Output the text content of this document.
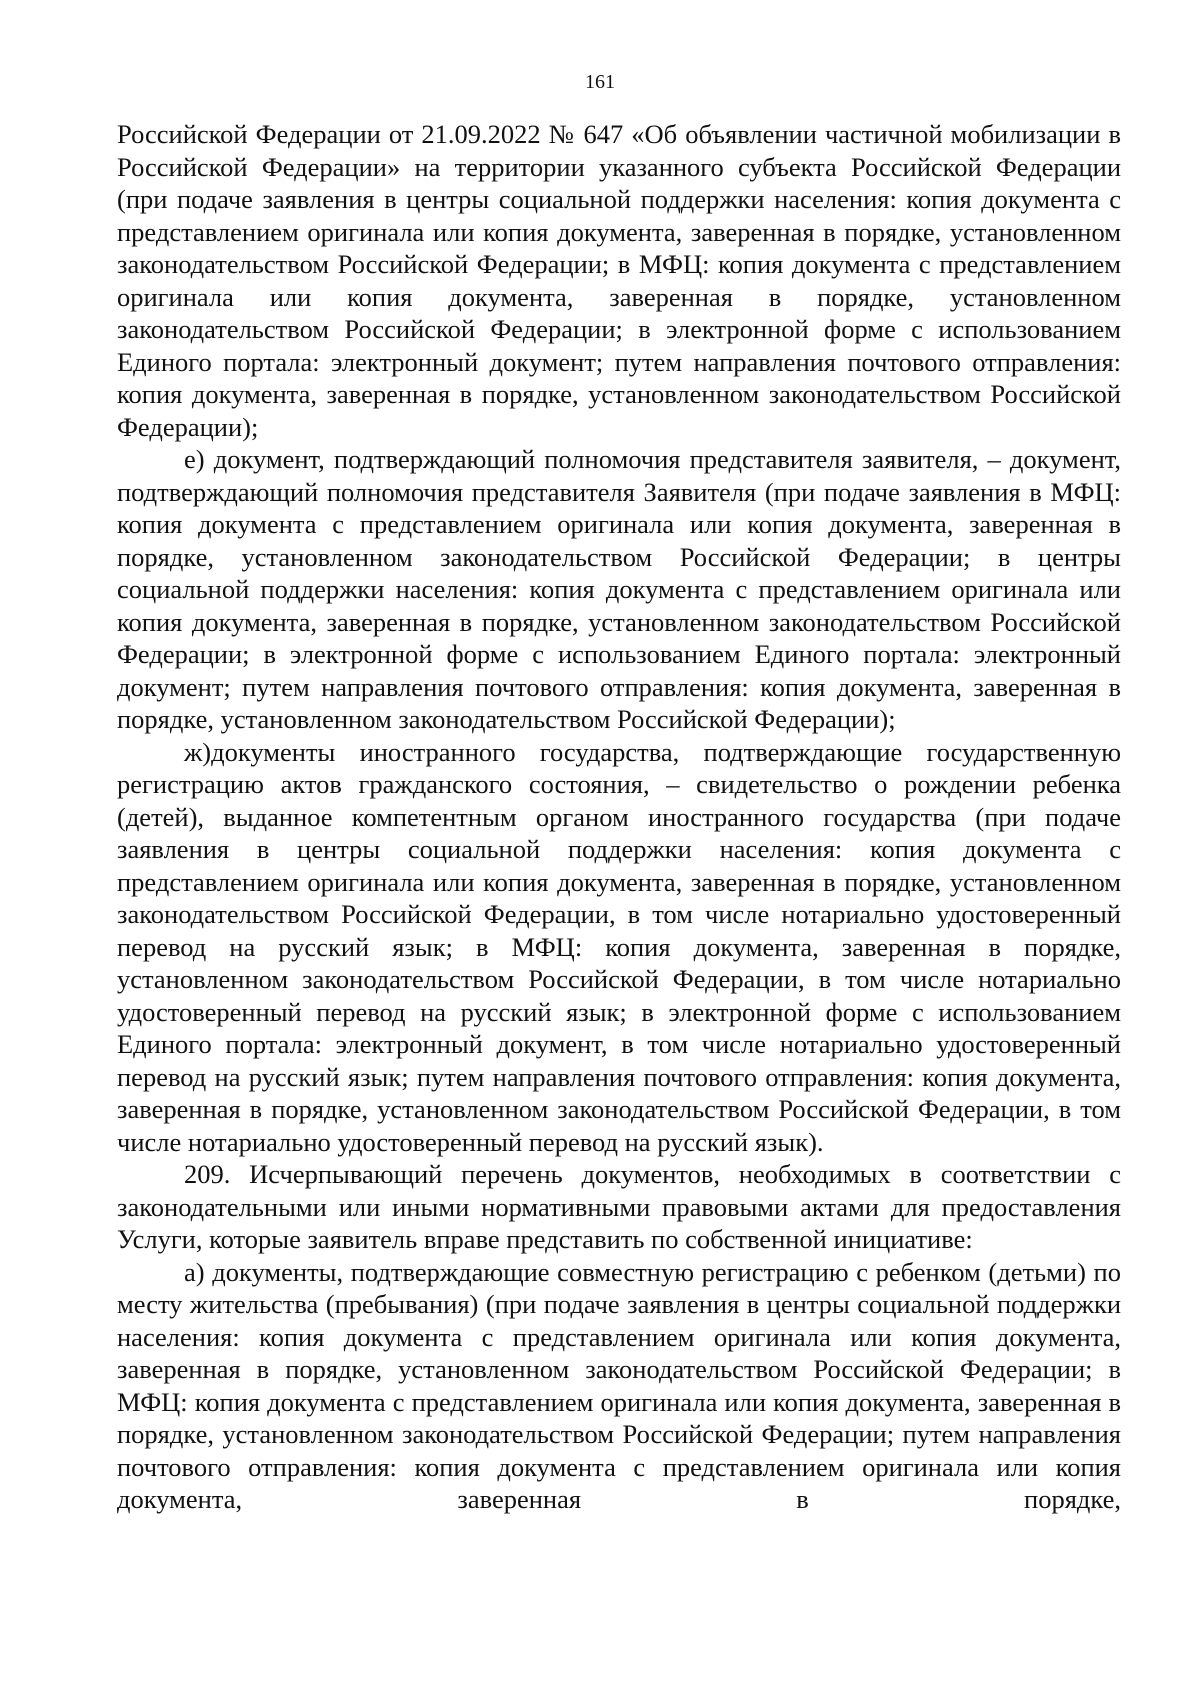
161

Российской Федерации от 21.09.2022 № 647 «Об объявлении частичной мобилизации в Российской Федерации» на территории указанного субъекта Российской Федерации (при подаче заявления в центры социальной поддержки населения: копия документа с представлением оригинала или копия документа, заверенная в порядке, установленном законодательством Российской Федерации; в МФЦ: копия документа с представлением оригинала или копия документа, заверенная в порядке, установленном законодательством Российской Федерации; в электронной форме с использованием Единого портала: электронный документ; путем направления почтового отправления: копия документа, заверенная в порядке, установленном законодательством Российской Федерации);

е) документ, подтверждающий полномочия представителя заявителя, – документ, подтверждающий полномочия представителя Заявителя (при подаче заявления в МФЦ: копия документа с представлением оригинала или копия документа, заверенная в порядке, установленном законодательством Российской Федерации; в центры социальной поддержки населения: копия документа с представлением оригинала или копия документа, заверенная в порядке, установленном законодательством Российской Федерации; в электронной форме с использованием Единого портала: электронный документ; путем направления почтового отправления: копия документа, заверенная в порядке, установленном законодательством Российской Федерации);

ж)документы иностранного государства, подтверждающие государственную регистрацию актов гражданского состояния, – свидетельство о рождении ребенка (детей), выданное компетентным органом иностранного государства (при подаче заявления в центры социальной поддержки населения: копия документа с представлением оригинала или копия документа, заверенная в порядке, установленном законодательством Российской Федерации, в том числе нотариально удостоверенный перевод на русский язык; в МФЦ: копия документа, заверенная в порядке, установленном законодательством Российской Федерации, в том числе нотариально удостоверенный перевод на русский язык; в электронной форме с использованием Единого портала: электронный документ, в том числе нотариально удостоверенный перевод на русский язык; путем направления почтового отправления: копия документа, заверенная в порядке, установленном законодательством Российской Федерации, в том числе нотариально удостоверенный перевод на русский язык).

209. Исчерпывающий перечень документов, необходимых в соответствии с законодательными или иными нормативными правовыми актами для предоставления Услуги, которые заявитель вправе представить по собственной инициативе:

а) документы, подтверждающие совместную регистрацию с ребенком (детьми) по месту жительства (пребывания) (при подаче заявления в центры социальной поддержки населения: копия документа с представлением оригинала или копия документа, заверенная в порядке, установленном законодательством Российской Федерации; в МФЦ: копия документа с представлением оригинала или копия документа, заверенная в порядке, установленном законодательством Российской Федерации; путем направления почтового отправления: копия документа с представлением оригинала или копия документа, заверенная в порядке,
